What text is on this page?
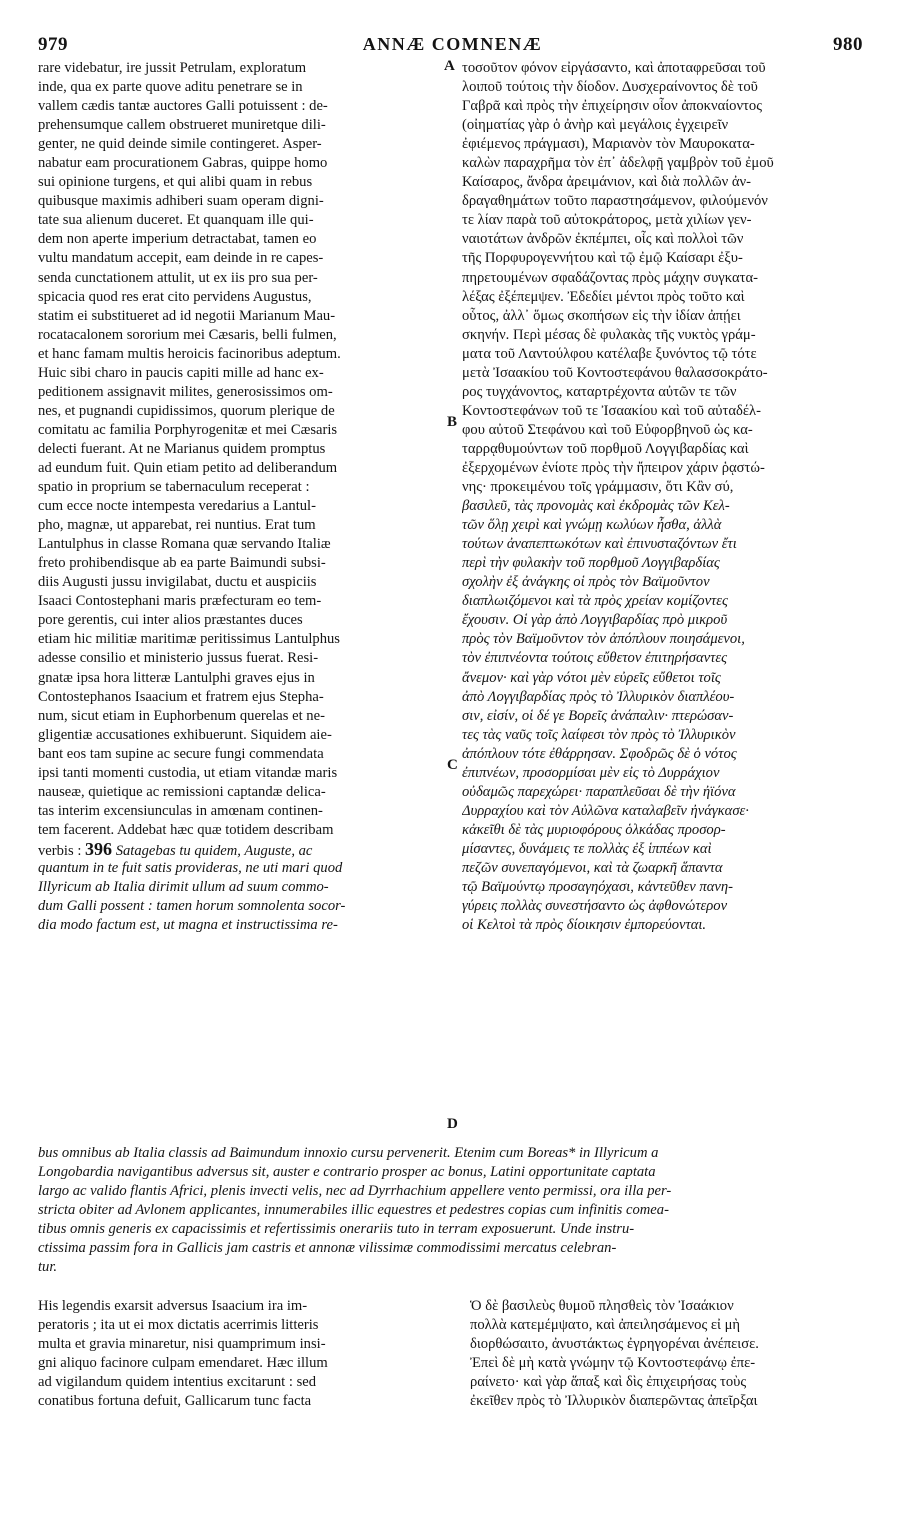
979	ANNÆ COMNENÆ	980
rare videbatur, ire jussit Petrulam, exploratum
inde, qua ex parte quove aditu penetrare se in
vallem cædis tantæ auctores Galli potuissent : de-
prehensumque callem obstrueret muniretque dili-
genter, ne quid deinde simile contingeret. Asper-
nabatur eam procurationem Gabras, quippe homo
sui opinione turgens, et qui alibi quam in rebus
quibusque maximis adhiberi suam operam digni-
tate sua alienum duceret. Et quanquam ille qui-
dem non aperte imperium detractabat, tamen eo
vultu mandatum accepit, eam deinde in re capes-
senda cunctationem attulit, ut ex iis pro sua per-
spicacia quod res erat cito pervidens Augustus,
statim ei substitueret ad id negotii Marianum Mau-
rocatacalonem sororium mei Cæsaris, belli fulmen,
et hanc famam multis heroicis facinoribus adeptum.
Huic sibi charo in paucis capiti mille ad hanc ex-
peditionem assignavit milites, generosissimos om-
nes, et pugnandi cupidissimos, quorum plerique de
comitatu ac familia Porphyrogenitæ et mei Cæsaris
delecti fuerant. At ne Marianus quidem promptus
ad eundum fuit. Quin etiam petito ad deliberandum
spatio in proprium se tabernaculum receperat :
cum ecce nocte intempesta veredarius a Lantul-
pho, magnæ, ut apparebat, rei nuntius. Erat tum
Lantulphus in classe Romana quæ servando Italiæ
freto prohibendisque ab ea parte Baimundi subsi-
diis Augusti jussu invigilabat, ductu et auspiciis
Isaaci Contostephani maris præfecturam eo tem-
pore gerentis, cui inter alios præstantes duces
etiam hic militiæ maritimæ peritissimus Lantulphus
adesse consilio et ministerio jussus fuerat. Resi-
gnatæ ipsa hora litteræ Lantulphi graves ejus in
Contostephanos Isaacium et fratrem ejus Stepha-
num, sicut etiam in Euphorbenum querelas et ne-
gligentiæ accusationes exhibuerunt. Siquidem aie-
bant eos tam supine ac secure fungi commendata
ipsi tanti momenti custodia, ut etiam vitandæ maris
nauseæ, quietique ac remissioni captandæ delica-
tas interim excensiunculas in amœnam continen-
tem facerent. Addebat hæc quæ totidem describam
verbis : 396 Satagebas tu quidem, Auguste, ac
quantum in te fuit satis provideras, ne uti mari quod
Illyricum ab Italia dirimit ullum ad suum commo-
dum Galli possent : tamen horum somnolenta socor-
dia modo factum est, ut magna et instructissima re-
A
B
C
D
τοσοῦτον φόνον εἰργάσαντο, καὶ ἀποταφρεῦσαι τοῦ
λοιποῦ τούτοις τὴν δίοδον. Δυσχεραίνοντος δὲ τοῦ
Γαβρᾶ καὶ πρὸς τὴν ἐπιχείρησιν οἷον ἀποκναίοντος
(οἰηματίας γὰρ ὁ ἀνὴρ καὶ μεγάλοις ἐγχειρεῖν
ἐφιέμενος πράγμασι), Μαριανὸν τὸν Μαυροκατα-
καλὼν παραχρῆμα τὸν ἐπ᾽ ἀδελφῇ γαμβρὸν τοῦ ἐμοῦ
Καίσαρος, ἄνδρα ἀρειμάνιον, καὶ διὰ πολλῶν ἀν-
δραγαθημάτων τοῦτο παραστησάμενον, φιλούμενόν
τε λίαν παρὰ τοῦ αὐτοκράτορος, μετὰ χιλίων γεν-
ναιοτάτων ἀνδρῶν ἐκπέμπει, οἷς καὶ πολλοὶ τῶν
τῆς Πορφυρογεννήτου καὶ τῷ ἐμῷ Καίσαρι ἐξυ-
πηρετουμένων σφαδάζοντας πρὸς μάχην συγκατα-
λέξας ἐξέπεμψεν. Ἐδεδίει μέντοι πρὸς τοῦτο καὶ
οὗτος, ἀλλ᾽ ὅμως σκοπήσων εἰς τὴν ἰδίαν ἀπῄει
σκηνήν. Περὶ μέσας δὲ φυλακὰς τῆς νυκτὸς γράμ-
ματα τοῦ Λαντούλφου κατέλαβε ξυνόντος τῷ τότε
μετὰ Ἰσαακίου τοῦ Κοντοστεφάνου θαλασσοκράτο-
ρος τυγχάνοντος, καταρτρέχοντα αὐτῶν τε τῶν
Κοντοστεφάνων τοῦ τε Ἰσαακίου καὶ τοῦ αὐταδέλ-
φου αὐτοῦ Στεφάνου καὶ τοῦ Εὐφορβηνοῦ ὡς κα-
ταρρᾳθυμούντων τοῦ πορθμοῦ Λογγιβαρδίας καὶ
ἐξερχομένων ἐνίοτε πρὸς τὴν ἤπειρον χάριν ῥᾳστώ-
νης· προκειμένου τοῖς γράμμασιν, ὅτι Κἂν σύ,
βασιλεῦ, τὰς προνομὰς καὶ ἐκδρομὰς τῶν Κελ-
τῶν ὅλῃ χειρὶ καὶ γνώμῃ κωλύων ἦσθα, ἀλλὰ
τούτων ἀναπεπτωκότων καὶ ἐπινυσταζόντων ἔτι
περὶ τὴν φυλακὴν τοῦ πορθμοῦ Λογγιβαρδίας
σχολὴν ἐξ ἀνάγκης οἱ πρὸς τὸν Βαϊμοῦντον
διαπλωιζόμενοι καὶ τὰ πρὸς χρείαν κομίζοντες
ἔχουσιν. Οἱ γὰρ ἀπὸ Λογγιβαρδίας πρὸ μικροῦ
πρὸς τὸν Βαϊμοῦντον τὸν ἀπόπλουν ποιησάμενοι,
τὸν ἐπιπνέοντα τούτοις εὔθετον ἐπιτηρήσαντες
ἄνεμον· καὶ γὰρ νότοι μὲν εὐρεῖς εὔθετοι τοῖς
ἀπὸ Λογγιβαρδίας πρὸς τὸ Ἰλλυρικὸν διαπλέου-
σιν, εἰσίν, οἱ δέ γε Βορεῖς ἀνάπαλιν· πτερώσαν-
τες τὰς ναῦς τοῖς λαίφεσι τὸν πρὸς τὸ Ἰλλυρικὸν
ἀπόπλουν τότε ἐθάρρησαν. Σφοδρῶς δὲ ὁ νότος
ἐπιπνέων, προσορμίσαι μὲν εἰς τὸ Δυρράχιον
οὐδαμῶς παρεχώρει· παραπλεῦσαι δὲ τὴν ἠϊόνα
Δυρραχίου καὶ τὸν Αὐλῶνα καταλαβεῖν ἠνάγκασε·
κἀκεῖθι δὲ τὰς μυριοφόρους ὁλκάδας προσορ-
μίσαντες, δυνάμεις τε πολλὰς ἐξ ἱππέων καὶ
πεζῶν συνεπαγόμενοι, καὶ τὰ ζωαρκῆ ἅπαντα
τῷ Βαϊμούντῳ προσαγηόχασι, κἀντεῦθεν πανη-
γύρεις πολλὰς συνεστήσαντο ὡς ἀφθονώτερον
οἱ Κελτοὶ τὰ πρὸς δίοικησιν ἐμπορεύονται.
bus omnibus ab Italia classis ad Baimundum innoxio cursu pervenerit. Etenim cum Boreas* in Illyricum a
Longobardia navigantibus adversus sit, auster e contrario prosper ac bonus, Latini opportunitate captata
largo ac valido flantis Africi, plenis invecti velis, nec ad Dyrrhachium appellere vento permissi, ora illa per-
stricta obiter ad Avlonem applicantes, innumerabiles illic equestres et pedestres copias cum infinitis comea-
tibus omnis generis ex capacissimis et refertissimis onerariis tuto in terram exposuerunt. Unde instru-
ctissima passim fora in Gallicis jam castris et annonæ vilissimæ commodissimi mercatus celebran-
tur.
His legendis exarsit adversus Isaacium ira im-
peratoris ; ita ut ei mox dictatis acerrimis litteris
multa et gravia minaretur, nisi quamprimum insi-
gni aliquo facinore culpam emendaret. Hæc illum
ad vigilandum quidem intentius excitarunt : sed
conatibus fortuna defuit, Gallicarum tunc facta
Ὁ δὲ βασιλεὺς θυμοῦ πλησθεὶς τὸν Ἰσαάκιον
πολλὰ κατεμέμψατο, καὶ ἀπειλησάμενος εἰ μὴ
διορθώσαιτο, ἀνυστάκτως ἐγρηγορέναι ἀνέπεισε.
Ἐπεὶ δὲ μὴ κατὰ γνώμην τῷ Κοντοστεφάνῳ ἐπε-
ραίνετο· καὶ γὰρ ἅπαξ καὶ δὶς ἐπιχειρήσας τοὺς
ἐκεῖθεν πρὸς τὸ Ἰλλυρικὸν διαπερῶντας ἀπεῖρξαι
